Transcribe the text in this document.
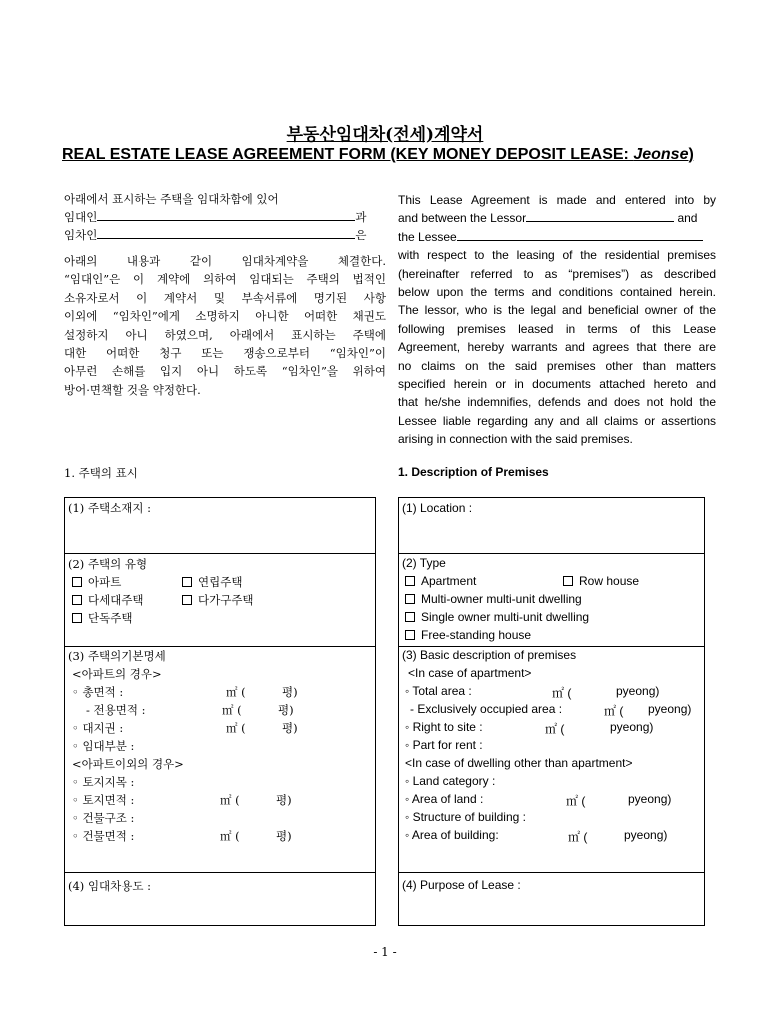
부동산임대차(전세)계약서
REAL ESTATE LEASE AGREEMENT FORM (KEY MONEY DEPOSIT LEASE: Jeonse)
아래에서 표시하는 주택을 임대차함에 있어
임대인	과
임차인	은
아래의 내용과 같이 임대차계약을 체결한다.
“임대인”은 이 계약에 의하여 임대되는 주택의 법적인
소유자로서 이 계약서 및 부속서류에 명기된 사항
이외에 “임차인”에게 소명하지 아니한 어떠한 채권도
설정하지 아니 하였으며, 아래에서 표시하는 주택에
대한 어떠한 청구 또는 쟁송으로부터 “임차인”이
아무런 손해를 입지 아니 하도록 “임차인”을 위하여
방어·면책할 것을 약정한다.
This Lease Agreement is made and entered into by
and between the Lessor	and
the Lessee
with respect to the leasing of the residential premises
(hereinafter referred to as “premises”) as described
below upon the terms and conditions contained herein.
The lessor, who is the legal and beneficial owner of the
following premises leased in terms of this Lease
Agreement, hereby warrants and agrees that there are
no claims on the said premises other than matters
specified herein or in documents attached hereto and
that he/she indemnifies, defends and does not hold the
Lessee liable regarding any and all claims or assertions
arising in connection with the said premises.
1. 주택의 표시	1. Description of Premises
(1) 주택소재지 :
(2) 주택의 유형
아파트	연립주택
다세대주택	다가구주택
단독주택
(3) 주택의기본명세
<아파트의 경우>
◦ 총면적 :	㎡ (	평)
- 전용면적 :	㎡ (	평)
◦ 대지권 :	㎡ (	평)
◦ 임대부분 :
<아파트이외의 경우>
◦ 토지지목 :
◦ 토지면적 :	㎡ (	평)
◦ 건물구조 :
◦ 건물면적 :	㎡ (	평)
(4) 임대차용도 :
(1) Location :
(2) Type
Apartment	Row house
Multi-owner multi-unit dwelling
Single owner multi-unit dwelling
Free-standing house
(3) Basic description of premises
<In case of apartment>
◦ Total area :	㎡ (	pyeong)
- Exclusively occupied area :	㎡ ( pyeong)
◦ Right to site :	㎡ (	pyeong)
◦ Part for rent :
<In case of dwelling other than apartment>
◦ Land category :
◦ Area of land :	㎡ (	pyeong)
◦ Structure of building :
◦ Area of building:	㎡ (	pyeong)
(4) Purpose of Lease :
- 1 -
